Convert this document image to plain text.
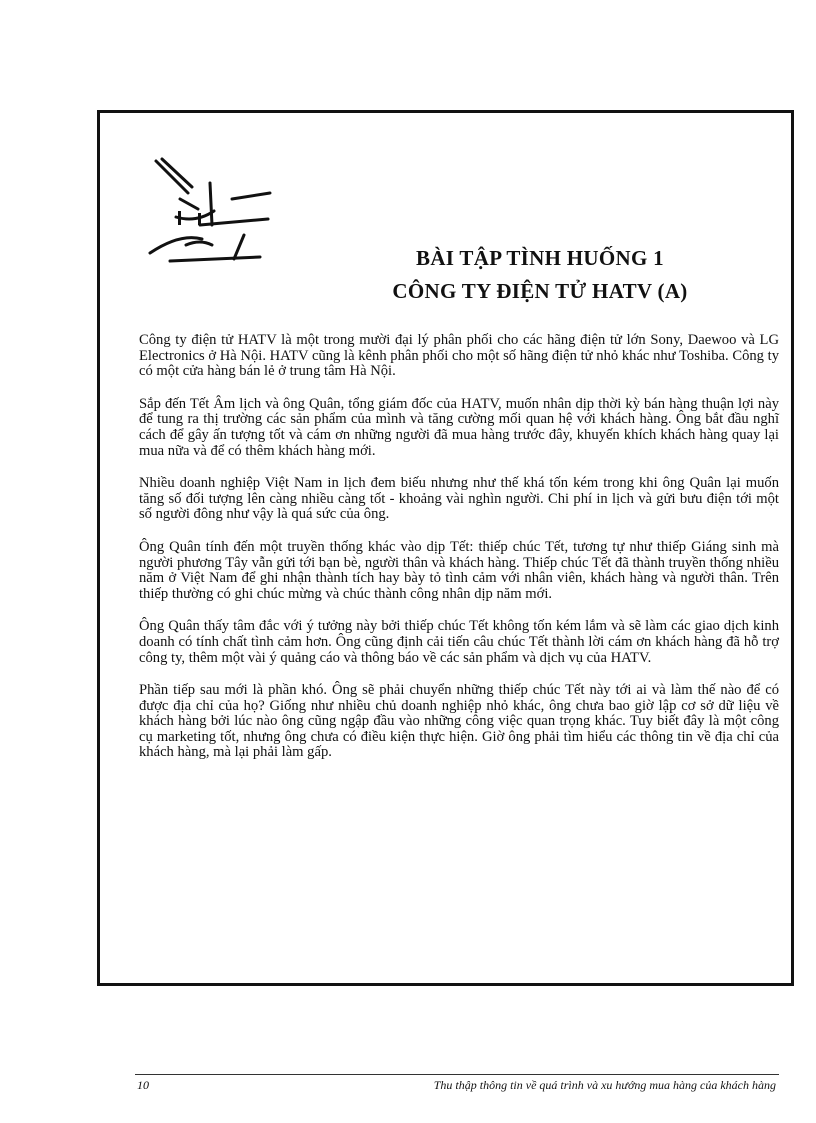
BÀI TẬP TÌNH HUỐNG 1
CÔNG TY ĐIỆN TỬ HATV (A)

Công ty điện tử HATV là một trong mười đại lý phân phối cho các hãng điện tử lớn Sony, Daewoo và LG Electronics ở Hà Nội. HATV cũng là kênh phân phối cho một số hãng điện tử nhỏ khác như Toshiba. Công ty có một cửa hàng bán lẻ ở trung tâm Hà Nội.

Sắp đến Tết Âm lịch và ông Quân, tổng giám đốc của HATV, muốn nhân dịp thời kỳ bán hàng thuận lợi này để tung ra thị trường các sản phẩm của mình và tăng cường mối quan hệ với khách hàng. Ông bắt đầu nghĩ cách để gây ấn tượng tốt và cám ơn những người đã mua hàng trước đây, khuyến khích khách hàng quay lại mua nữa và để có thêm khách hàng mới.

Nhiều doanh nghiệp Việt Nam in lịch đem biếu nhưng như thế khá tốn kém trong khi ông Quân lại muốn tăng số đối tượng lên càng nhiều càng tốt - khoảng vài nghìn người. Chi phí in lịch và gửi bưu điện tới một số người đông như vậy là quá sức của ông.

Ông Quân tính đến một truyền thống khác vào dịp Tết: thiếp chúc Tết, tương tự như thiếp Giáng sinh mà người phương Tây vẫn gửi tới bạn bè, người thân và khách hàng. Thiếp chúc Tết đã thành truyền thống nhiều năm ở Việt Nam để ghi nhận thành tích hay bày tỏ tình cảm với nhân viên, khách hàng và người thân. Trên thiếp thường có ghi chúc mừng và chúc thành công nhân dịp năm mới.

Ông Quân thấy tâm đắc với ý tưởng này bởi thiếp chúc Tết không tốn kém lắm và sẽ làm các giao dịch kinh doanh có tính chất tình cảm hơn. Ông cũng định cải tiến câu chúc Tết thành lời cám ơn khách hàng đã hỗ trợ công ty, thêm một vài ý quảng cáo và thông báo về các sản phẩm và dịch vụ của HATV.

Phần tiếp sau mới là phần khó. Ông sẽ phải chuyển những thiếp chúc Tết này tới ai và làm thế nào để có được địa chỉ của họ? Giống như nhiều chủ doanh nghiệp nhỏ khác, ông chưa bao giờ lập cơ sở dữ liệu về khách hàng bởi lúc nào ông cũng ngập đầu vào những công việc quan trọng khác. Tuy biết đây là một công cụ marketing tốt, nhưng ông chưa có điều kiện thực hiện. Giờ ông phải tìm hiểu các thông tin về địa chỉ của khách hàng, mà lại phải làm gấp.

10	Thu thập thông tin về quá trình và xu hướng mua hàng của khách hàng
